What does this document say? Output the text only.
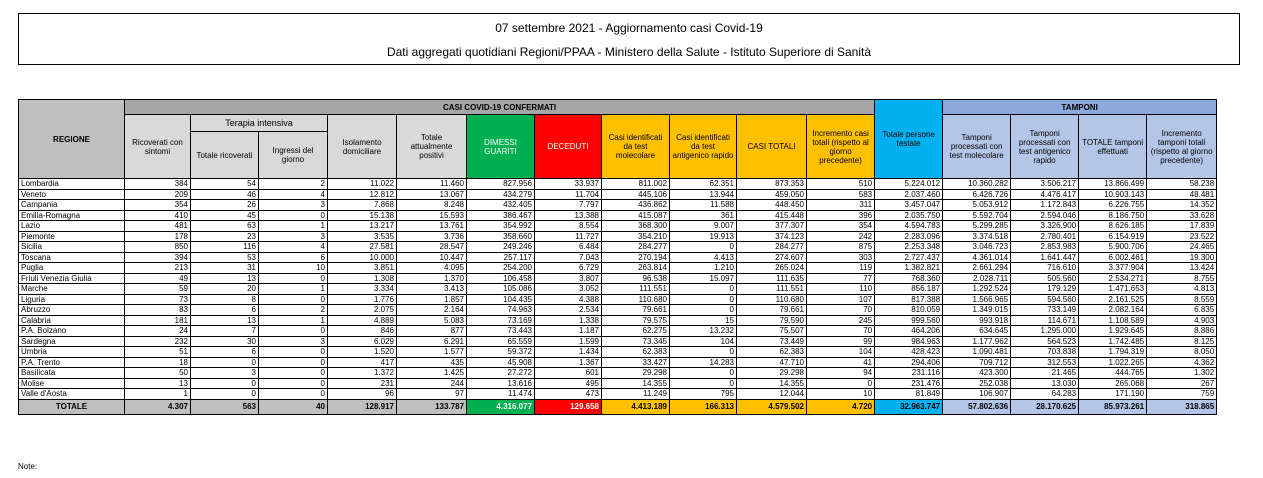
07 settembre 2021 - Aggiornamento casi Covid-19
Dati aggregati quotidiani Regioni/PPAA - Ministero della Salute - Istituto Superiore di Sanità
REGIONE	CASI COVID-19 CONFERMATI											Totale persone testate	TAMPONI			
	Ricoverati con sintomi	Terapia intensiva		Isolamento domiciliare	Totale attualmente positivi	DIMESSI GUARITI	DECEDUTI	Casi identificati da test molecolare	Casi identificati da test antigenico rapido	CASI TOTALI	Incremento casi totali (rispetto al giorno precedente)		Tamponi processati con test molecolare	Tamponi processati con test antigenico rapido	TOTALE tamponi effettuati	Incremento tamponi totali (rispetto al giorno precedente)
		Totale ricoverati	Ingressi del giorno													
Lombardia	384	54	2	11.022	11.460	827.956	33.937	811.002	62.351	873.353	510	5.224.012	10.360.282	3.506.217	13.866.499	58.238
Veneto	209	46	4	12.812	13.067	434.279	11.704	445.106	13.944	459.050	583	2.037.460	6.426.726	4.476.417	10.903.143	48.481
Campania	354	26	3	7.868	8.248	432.405	7.797	436.862	11.588	448.450	311	3.457.047	5.053.912	1.172.843	6.226.755	14.352
Emilia-Romagna	410	45	0	15.138	15.593	386.467	13.388	415.087	361	415.448	396	2.035.750	5.592.704	2.594.046	8.186.750	33.628
Lazio	481	63	1	13.217	13.761	354.992	8.554	368.300	9.007	377.307	354	4.594.783	5.299.285	3.326.900	8.626.185	17.839
Piemonte	178	23	3	3.535	3.736	358.660	11.727	354.210	19.913	374.123	242	2.283.096	3.374.518	2.780.401	6.154.919	23.522
Sicilia	850	116	4	27.581	28.547	249.246	6.484	284.277	0	284.277	875	2.253.348	3.046.723	2.853.983	5.900.706	24.465
Toscana	394	53	6	10.000	10.447	257.117	7.043	270.194	4.413	274.607	303	2.727.437	4.361.014	1.641.447	6.002.461	19.300
Puglia	213	31	10	3.851	4.095	254.200	6.729	263.814	1.210	265.024	119	1.382.821	2.661.294	716.610	3.377.904	13.424
Friuli Venezia Giulia	49	13	0	1.308	1.370	106.458	3.807	96.538	15.097	111.635	77	768.360	2.028.711	505.560	2.534.271	8.755
Marche	59	20	1	3.334	3.413	105.086	3.052	111.551	0	111.551	110	856.187	1.292.524	179.129	1.471.653	4.813
Liguria	73	8	0	1.776	1.857	104.435	4.388	110.680	0	110.680	107	817.388	1.566.965	594.560	2.161.525	8.559
Abruzzo	83	6	2	2.075	2.164	74.963	2.534	79.661	0	79.661	70	810.059	1.349.015	733.149	2.082.164	6.835
Calabria	181	13	1	4.889	5.083	73.169	1.338	79.575	15	79.590	245	999.560	993.918	114.671	1.108.589	4.903
P.A. Bolzano	24	7	0	846	877	73.443	1.187	62.275	13.232	75.507	70	464.206	634.645	1.295.000	1.929.645	8.886
Sardegna	232	30	3	6.029	6.291	65.559	1.599	73.345	104	73.449	99	984.963	1.177.962	564.523	1.742.485	8.125
Umbria	51	6	0	1.520	1.577	59.372	1.434	62.383	0	62.383	104	428.423	1.090.481	703.838	1.794.319	8.050
P.A. Trento	18	0	0	417	435	45.908	1.367	33.427	14.283	47.710	41	294.406	709.712	312.553	1.022.265	4.362
Basilicata	50	3	0	1.372	1.425	27.272	601	29.298	0	29.298	94	231.116	423.300	21.465	444.765	1.302
Molise	13	0	0	231	244	13.616	495	14.355	0	14.355	0	231.476	252.038	13.030	265.068	267
Valle d'Aosta	1	0	0	96	97	11.474	473	11.249	795	12.044	10	81.849	106.907	64.283	171.190	759
TOTALE	4.307	563	40	128.917	133.787	4.316.077	129.658	4.413.189	166.313	4.579.502	4.720	32.963.747	57.802.636	28.170.625	85.973.261	318.865
Note:
